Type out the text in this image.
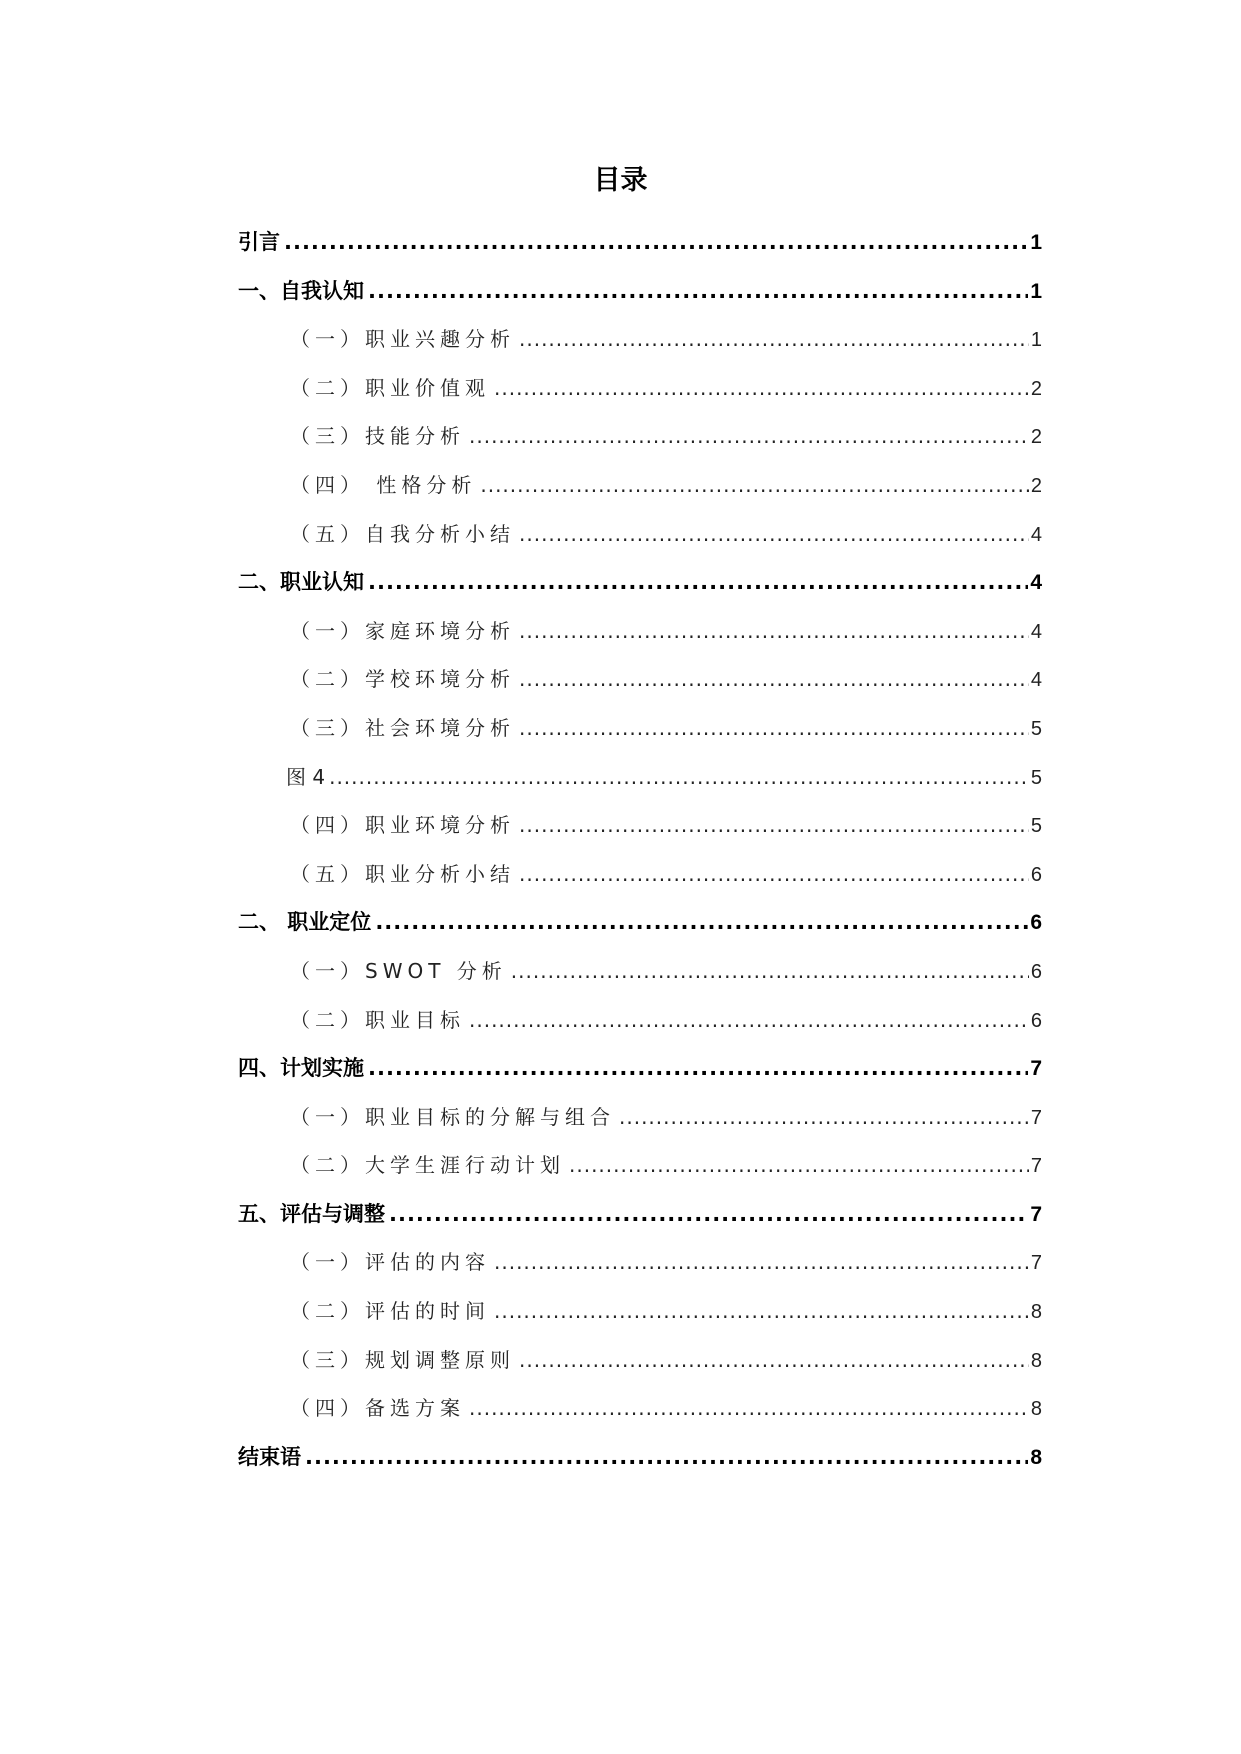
目录
引言 .....	1
一、自我认知 .....	1
（一）职业兴趣分析 .....	1
（二）职业价值观 .....	2
（三）技能分析 .....	2
（四） 性格分析 .....	2
（五）自我分析小结 .....	4
二、职业认知 .....	4
（一）家庭环境分析 .....	4
（二）学校环境分析 .....	4
（三）社会环境分析 .....	5
图 4 .....	5
（四）职业环境分析 .....	5
（五）职业分析小结 .....	6
二、 职业定位 .....	6
（一）SWOT 分析 .....	6
（二）职业目标 .....	6
四、计划实施 .....	7
（一）职业目标的分解与组合 .....	7
（二）大学生涯行动计划 .....	7
五、评估与调整 .....	7
（一）评估的内容 .....	7
（二）评估的时间 .....	8
（三）规划调整原则 .....	8
（四）备选方案 .....	8
结束语 .....	8
